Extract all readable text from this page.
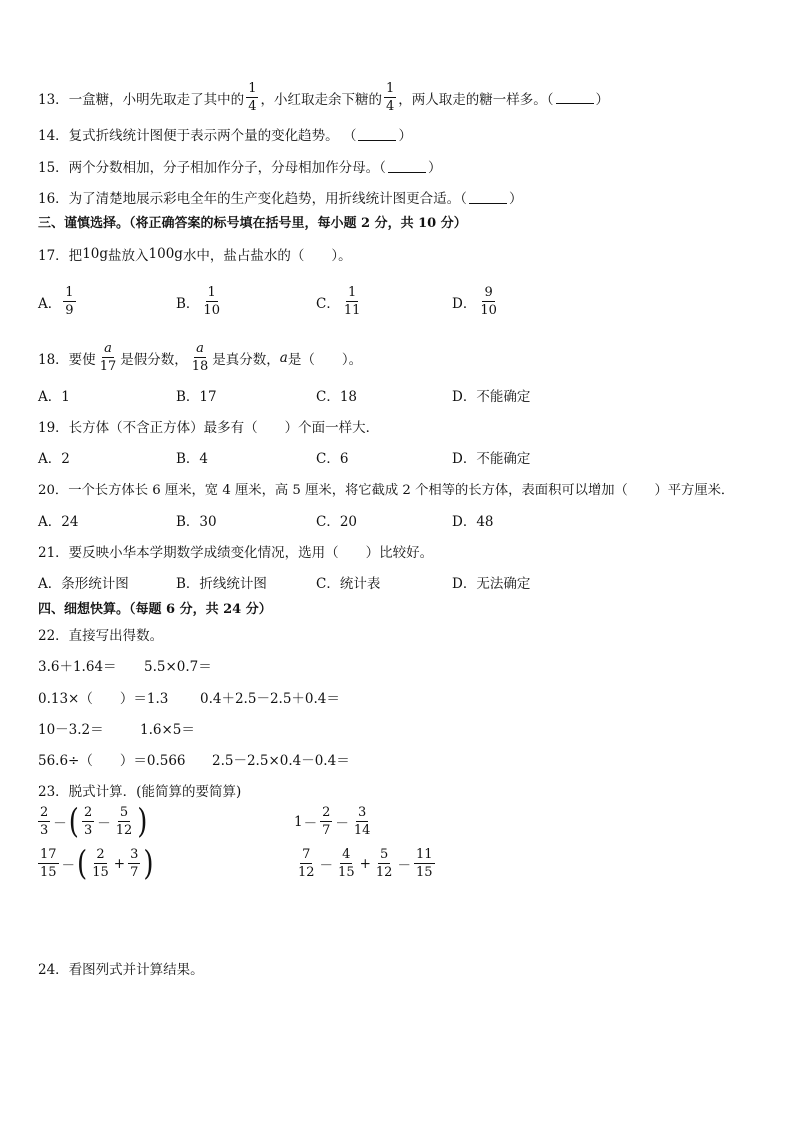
13． 一盒糖，小明先取走了其中的 $\frac{1}{4}$ ，小红取走余下糖的 $\frac{1}{4}$ ，两人取走的糖一样多。（	）
14．复式折线统计图便于表示两个量的变化趋势。 （	）
15．两个分数相加，分子相加作分子，分母相加作分母。（	）
16．为了清楚地展示彩电全年的生产变化趋势，用折线统计图更合适。（	）
三、谨慎选择。（将正确答案的标号填在括号里，每小题 2 分，共 10 分）
17．把 10g 盐放入 100g 水中，盐占盐水的（　　）。
A． $\frac{1}{9}$	B． $\frac{1}{10}$	C． $\frac{1}{11}$	D． $\frac{9}{10}$
18．要使 $\frac{a}{17}$ 是假分数， $\frac{a}{18}$ 是真分数， a 是（　　）。
A．1	B．17	C．18	D．不能确定
19．长方体（不含正方体）最多有（　　）个面一样大．
A．2	B．4	C．6	D．不能确定
20．一个长方体长 6 厘米，宽 4 厘米，高 5 厘米，将它截成 2 个相等的长方体，表面积可以增加（　　）平方厘米．
A．24	B．30	C．20	D．48
21．要反映小华本学期数学成绩变化情况，选用（　　）比较好。
A．条形统计图	B．折线统计图	C．统计表	D．无法确定
四、细想快算。（每题 6 分，共 24 分）
22．直接写出得数。
3.6＋1.64＝ 5.5×0.7＝
0.13×（　　）＝1.3 0.4＋2.5－2.5＋0.4＝
10－3.2＝	1.6×5＝
56.6÷（　　）＝0.566 2.5－2.5×0.4－0.4＝
23．脱式计算．(能简算的要简算)
$\frac{2}{3}$ － ( $\frac{2}{3} - \frac{5}{12}$ )	$1 - \frac{2}{7} - \frac{3}{14}$
$\frac{17}{15}$ － ( $\frac{2}{15} + \frac{3}{7}$ )	$\frac{7}{12} - \frac{4}{15} + \frac{5}{12} - \frac{11}{15}$
24．看图列式并计算结果。
